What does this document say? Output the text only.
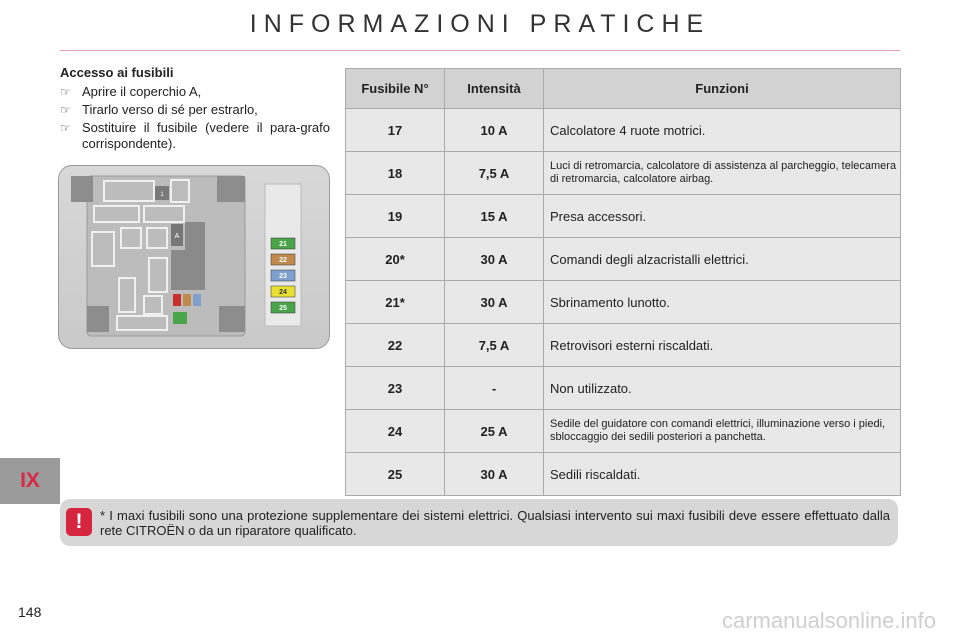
INFORMAZIONI PRATICHE
Accesso ai fusibili
☞ Aprire il coperchio A,
☞ Tirarlo verso di sé per estrarlo,
☞ Sostituire il fusibile (vedere il para-grafo corrispondente).
1
A
21
22
23
24
25
Fusibile N°	Intensità	Funzioni
17	10 A	Calcolatore 4 ruote motrici.
18	7,5 A	Luci di retromarcia, calcolatore di assistenza al parcheggio, telecamera di retromarcia, calcolatore airbag.
19	15 A	Presa accessori.
20*	30 A	Comandi degli alzacristalli elettrici.
21*	30 A	Sbrinamento lunotto.
22	7,5 A	Retrovisori esterni riscaldati.
23	-	Non utilizzato.
24	25 A	Sedile del guidatore con comandi elettrici, illuminazione verso i piedi, sbloccaggio dei sedili posteriori a panchetta.
25	30 A	Sedili riscaldati.
!	* I maxi fusibili sono una protezione supplementare dei sistemi elettrici. Qualsiasi intervento sui maxi fusibili deve essere effettuato dalla rete CITROËN o da un riparatore qualificato.
IX
148	carmanualsonline.info
